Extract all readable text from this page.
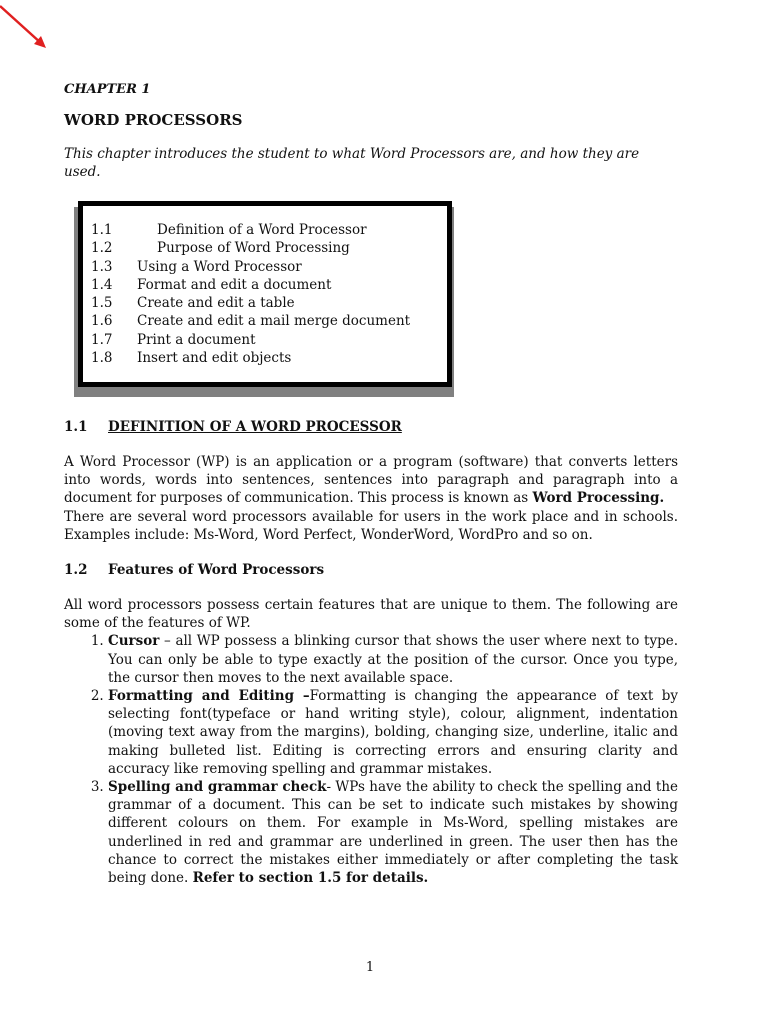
CHAPTER 1
WORD PROCESSORS
This chapter introduces the student to what Word Processors are, and how they are used.
1.1	Definition of a Word Processor
1.2	Purpose of Word Processing
1.3 Using a Word Processor
1.4 Format and edit a document
1.5 Create and edit a table
1.6 Create and edit a mail merge document
1.7 Print a document
1.8 Insert and edit objects
1.1 DEFINITION OF A WORD PROCESSOR

A Word Processor (WP) is an application or a program (software) that converts letters into words, words into sentences, sentences into paragraph and paragraph into a document for purposes of communication. This process is known as Word Processing.

There are several word processors available for users in the work place and in schools. Examples include: Ms-Word, Word Perfect, WonderWord, WordPro and so on.

1.2 Features of Word Processors

All word processors possess certain features that are unique to them. The following are some of the features of WP.

1. Cursor – all WP possess a blinking cursor that shows the user where next to type. You can only be able to type exactly at the position of the cursor. Once you type, the cursor then moves to the next available space.
2. Formatting and Editing –Formatting is changing the appearance of text by selecting font(typeface or hand writing style), colour, alignment, indentation (moving text away from the margins), bolding, changing size, underline, italic and making bulleted list. Editing is correcting errors and ensuring clarity and accuracy like removing spelling and grammar mistakes.
3. Spelling and grammar check- WPs have the ability to check the spelling and the grammar of a document. This can be set to indicate such mistakes by showing different colours on them. For example in Ms-Word, spelling mistakes are underlined in red and grammar are underlined in green. The user then has the chance to correct the mistakes either immediately or after completing the task being done. Refer to section 1.5 for details.
1
